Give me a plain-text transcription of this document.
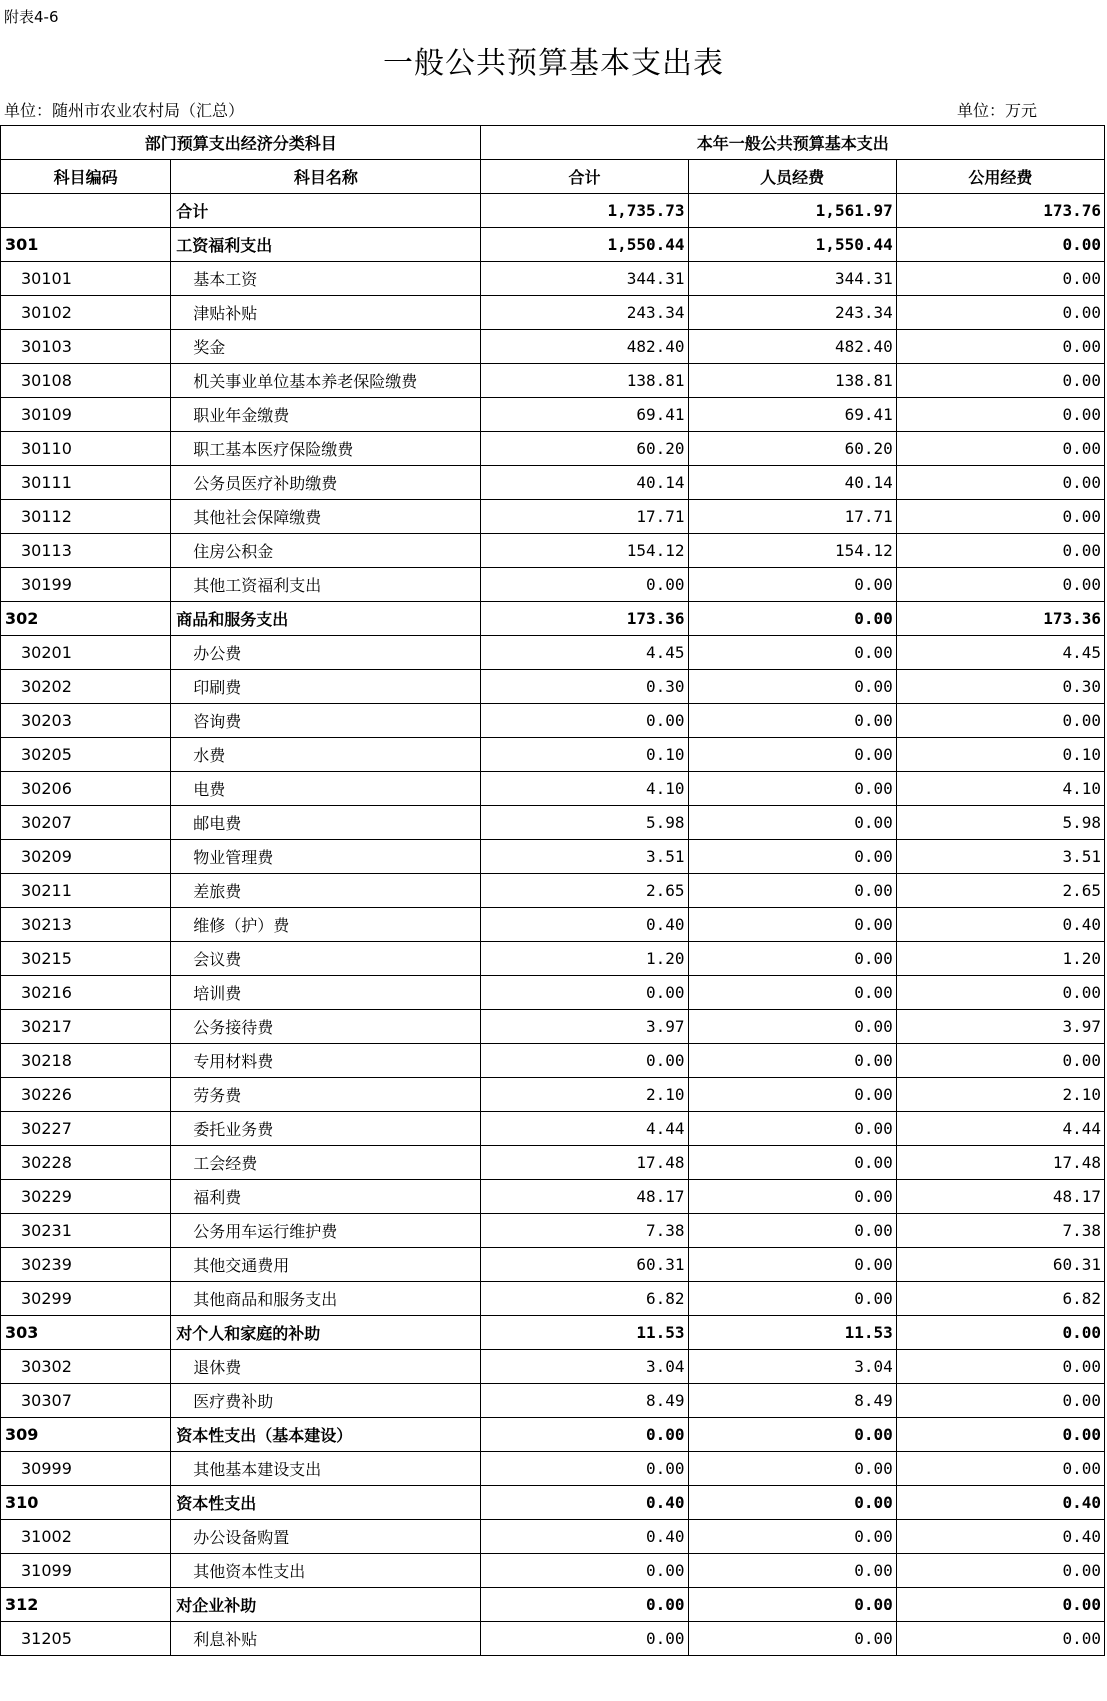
附表4-6
一般公共预算基本支出表
单位：随州市农业农村局（汇总）	单位：万元
部门预算支出经济分类科目		本年一般公共预算基本支出		
科目编码	科目名称	合计	人员经费	公用经费
	合计	1,735.73	1,561.97	173.76
301	工资福利支出	1,550.44	1,550.44	0.00
30101	基本工资	344.31	344.31	0.00
30102	津贴补贴	243.34	243.34	0.00
30103	奖金	482.40	482.40	0.00
30108	机关事业单位基本养老保险缴费	138.81	138.81	0.00
30109	职业年金缴费	69.41	69.41	0.00
30110	职工基本医疗保险缴费	60.20	60.20	0.00
30111	公务员医疗补助缴费	40.14	40.14	0.00
30112	其他社会保障缴费	17.71	17.71	0.00
30113	住房公积金	154.12	154.12	0.00
30199	其他工资福利支出	0.00	0.00	0.00
302	商品和服务支出	173.36	0.00	173.36
30201	办公费	4.45	0.00	4.45
30202	印刷费	0.30	0.00	0.30
30203	咨询费	0.00	0.00	0.00
30205	水费	0.10	0.00	0.10
30206	电费	4.10	0.00	4.10
30207	邮电费	5.98	0.00	5.98
30209	物业管理费	3.51	0.00	3.51
30211	差旅费	2.65	0.00	2.65
30213	维修（护）费	0.40	0.00	0.40
30215	会议费	1.20	0.00	1.20
30216	培训费	0.00	0.00	0.00
30217	公务接待费	3.97	0.00	3.97
30218	专用材料费	0.00	0.00	0.00
30226	劳务费	2.10	0.00	2.10
30227	委托业务费	4.44	0.00	4.44
30228	工会经费	17.48	0.00	17.48
30229	福利费	48.17	0.00	48.17
30231	公务用车运行维护费	7.38	0.00	7.38
30239	其他交通费用	60.31	0.00	60.31
30299	其他商品和服务支出	6.82	0.00	6.82
303	对个人和家庭的补助	11.53	11.53	0.00
30302	退休费	3.04	3.04	0.00
30307	医疗费补助	8.49	8.49	0.00
309	资本性支出（基本建设）	0.00	0.00	0.00
30999	其他基本建设支出	0.00	0.00	0.00
310	资本性支出	0.40	0.00	0.40
31002	办公设备购置	0.40	0.00	0.40
31099	其他资本性支出	0.00	0.00	0.00
312	对企业补助	0.00	0.00	0.00
31205	利息补贴	0.00	0.00	0.00
